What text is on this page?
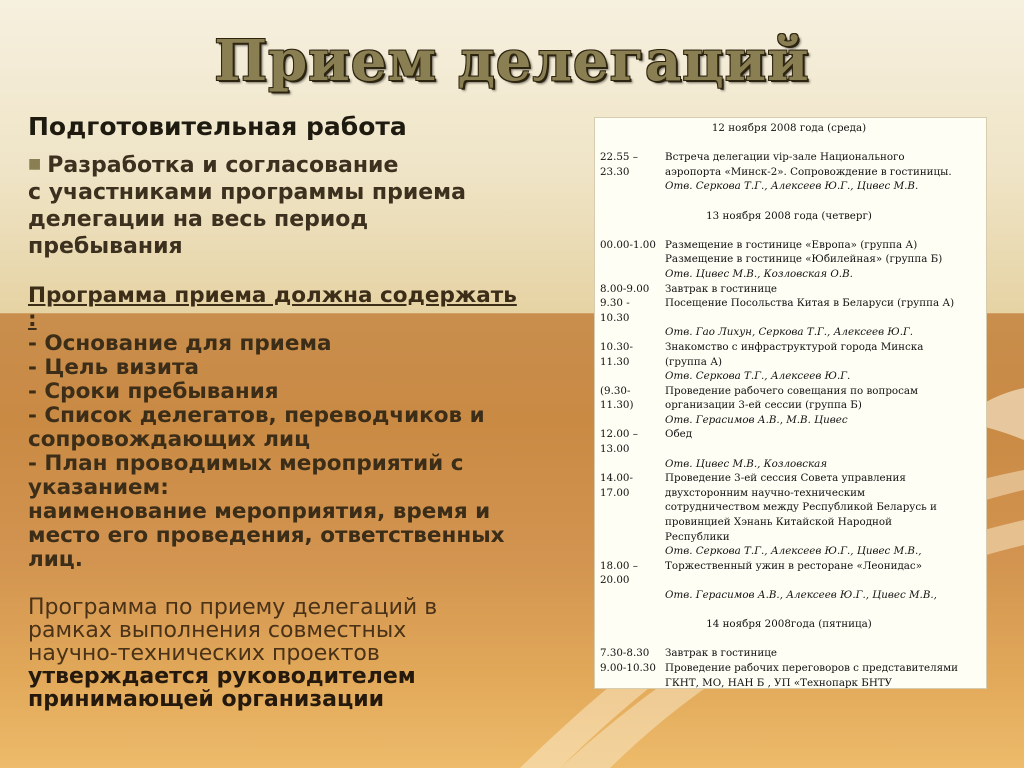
Прием делегаций
Подготовительная работа
■ Разработка и согласование
с участниками программы приема
делегации на весь период
пребывания
Программа приема должна содержать
:
- Основание для приема
- Цель визита
- Сроки пребывания
- Список делегатов, переводчиков и
сопровождающих лиц
- План проводимых мероприятий с
указанием:
наименование мероприятия, время и
место его проведения, ответственных
лиц.
Программа по приему делегаций в
рамках выполнения совместных
научно-технических проектов
утверждается руководителем
принимающей организации
12 ноября 2008 года (среда)
22.55 –
23.30
Встреча делегации vip-зале Национального
аэропорта «Минск-2». Сопровождение в гостиницы.
Отв. Серкова Т.Г., Алексеев Ю.Г., Цивес М.В.
13 ноября 2008 года (четверг)
00.00-1.00 Размещение в гостинице «Европа» (группа А)
Размещение в гостинице «Юбилейная» (группа Б)
Отв. Цивес М.В., Козловская О.В.
8.00-9.00	Завтрак в гостинице
9.30 -
10.30
Посещение Посольства Китая в Беларуси (группа А)
Отв. Гао Лихун, Серкова Т.Г., Алексеев Ю.Г.
10.30-
11.30
Знакомство с инфраструктурой города Минска
(группа А)
Отв. Серкова Т.Г., Алексеев Ю.Г.
(9.30-
11.30)
Проведение рабочего совещания по вопросам
организации 3-ей сессии (группа Б)
Отв. Герасимов А.В., М.В. Цивес
12.00 –
13.00
Обед
Отв. Цивес М.В., Козловская
14.00-
17.00
Проведение 3-ей сессия Совета управления
двухсторонним научно-техническим
сотрудничеством между Республикой Беларусь и
провинцией Хэнань Китайской Народной
Республики
Отв. Серкова Т.Г., Алексеев Ю.Г., Цивес М.В.,
18.00 –
20.00
Торжественный ужин в ресторане «Леонидас»
Отв. Герасимов А.В., Алексеев Ю.Г., Цивес М.В.,
14 ноября 2008года (пятница)
7.30-8.30	Завтрак в гостинице
9.00-10.30 Проведение рабочих переговоров с представителями
ГКНТ, МО, НАН Б , УП «Технопарк БНТУ
